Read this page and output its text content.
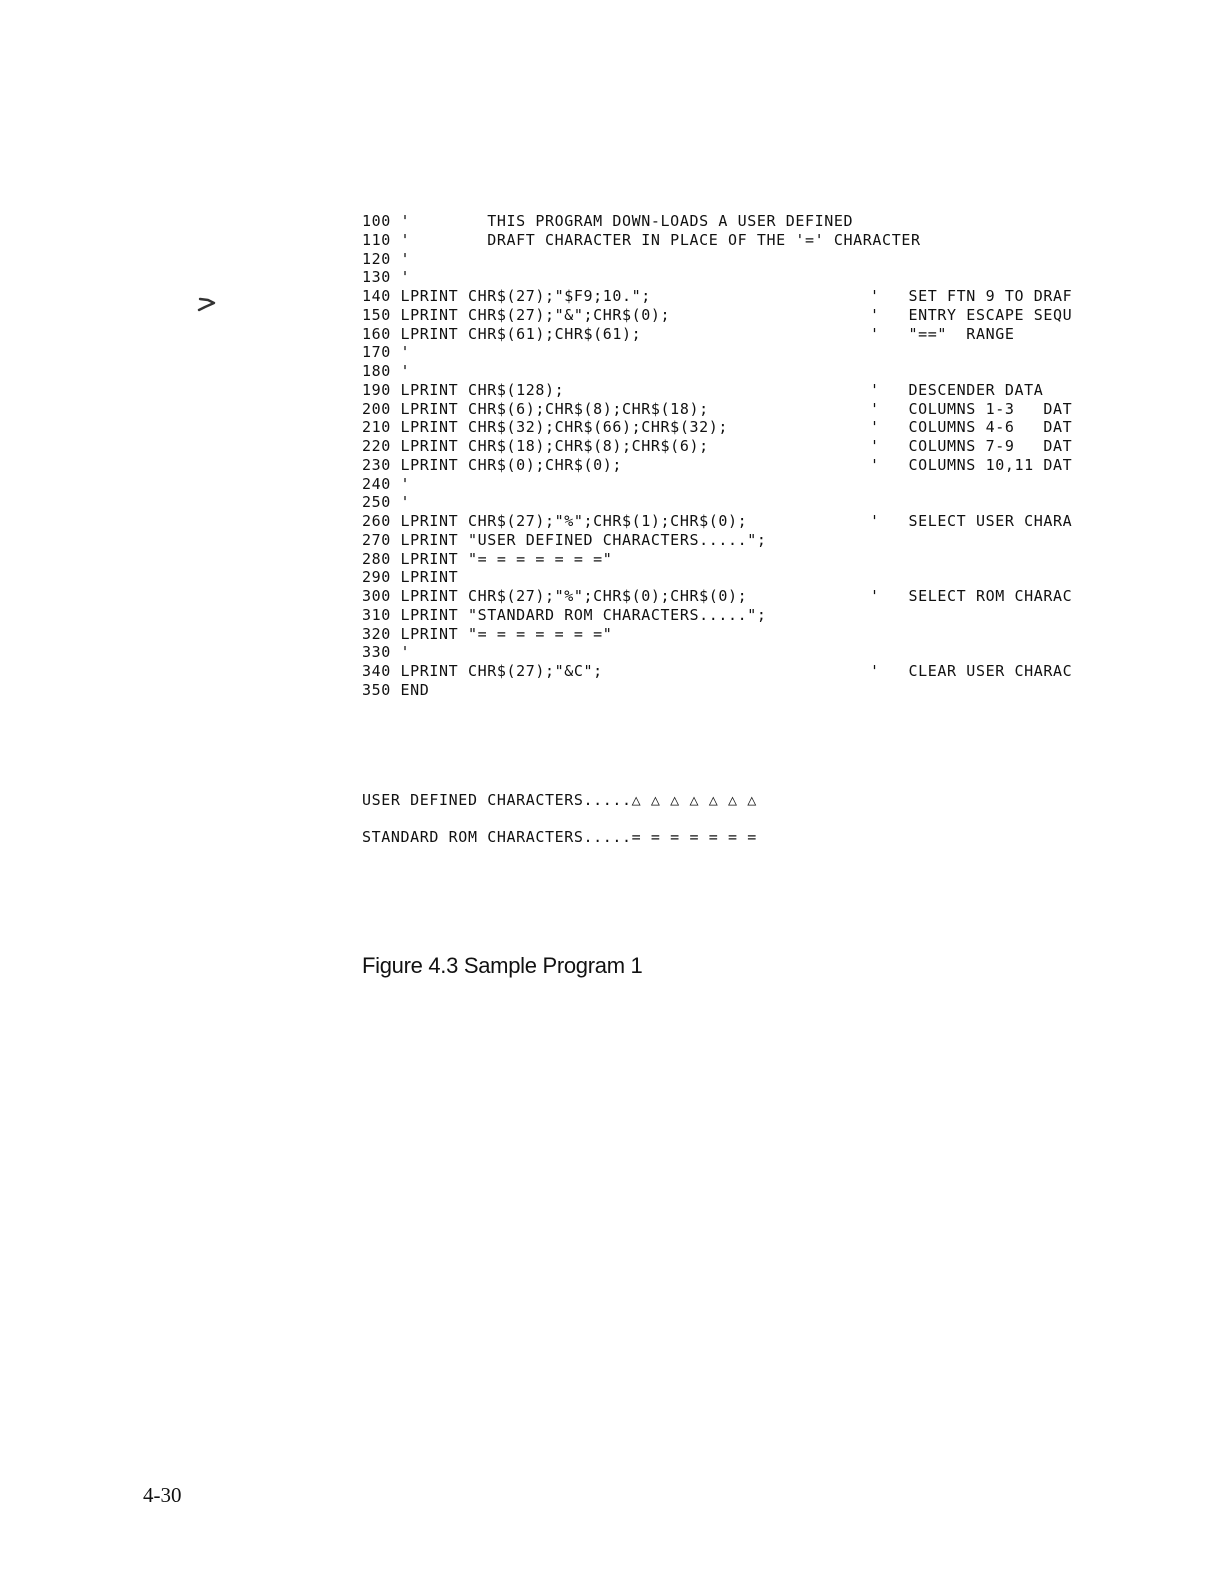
100 '        THIS PROGRAM DOWN-LOADS A USER DEFINED
110 '        DRAFT CHARACTER IN PLACE OF THE '=' CHARACTER
120 '
130 '
140 LPRINT CHR$(27);"$F9;10.";	'   SET FTN 9 TO DRAF
150 LPRINT CHR$(27);"&";CHR$(0);	'   ENTRY ESCAPE SEQU
160 LPRINT CHR$(61);CHR$(61);	'   "=="  RANGE
170 '
180 '
190 LPRINT CHR$(128);	'   DESCENDER DATA
200 LPRINT CHR$(6);CHR$(8);CHR$(18);	'   COLUMNS 1-3   DAT
210 LPRINT CHR$(32);CHR$(66);CHR$(32);	'   COLUMNS 4-6   DAT
220 LPRINT CHR$(18);CHR$(8);CHR$(6);	'   COLUMNS 7-9   DAT
230 LPRINT CHR$(0);CHR$(0);	'   COLUMNS 10,11 DAT
240 '
250 '
260 LPRINT CHR$(27);"%";CHR$(1);CHR$(0);	'   SELECT USER CHARA
270 LPRINT "USER DEFINED CHARACTERS.....";
280 LPRINT "= = = = = = ="
290 LPRINT
300 LPRINT CHR$(27);"%";CHR$(0);CHR$(0);	'   SELECT ROM CHARAC
310 LPRINT "STANDARD ROM CHARACTERS.....";
320 LPRINT "= = = = = = ="
330 '
340 LPRINT CHR$(27);"&C";	'   CLEAR USER CHARAC
350 END
USER DEFINED CHARACTERS.....△ △ △ △ △ △ △
STANDARD ROM CHARACTERS.....= = = = = = =
Figure 4.3 Sample Program 1
4-30
